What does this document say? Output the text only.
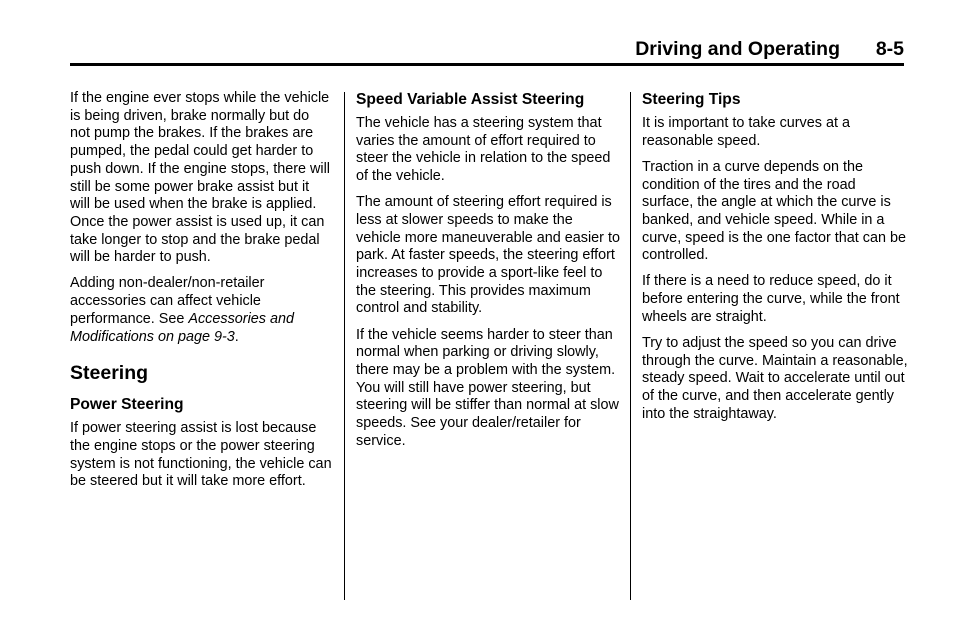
Driving and Operating 8-5

If the engine ever stops while the vehicle is being driven, brake normally but do not pump the brakes. If the brakes are pumped, the pedal could get harder to push down. If the engine stops, there will still be some power brake assist but it will be used when the brake is applied. Once the power assist is used up, it can take longer to stop and the brake pedal will be harder to push.

Adding non-dealer/non-retailer accessories can affect vehicle performance. See Accessories and Modifications on page 9-3.

Steering
Power Steering

If power steering assist is lost because the engine stops or the power steering system is not functioning, the vehicle can be steered but it will take more effort.

Speed Variable Assist Steering

The vehicle has a steering system that varies the amount of effort required to steer the vehicle in relation to the speed of the vehicle.

The amount of steering effort required is less at slower speeds to make the vehicle more maneuverable and easier to park. At faster speeds, the steering effort increases to provide a sport-like feel to the steering. This provides maximum control and stability.

If the vehicle seems harder to steer than normal when parking or driving slowly, there may be a problem with the system. You will still have power steering, but steering will be stiffer than normal at slow speeds. See your dealer/retailer for service.

Steering Tips

It is important to take curves at a reasonable speed.

Traction in a curve depends on the condition of the tires and the road surface, the angle at which the curve is banked, and vehicle speed. While in a curve, speed is the one factor that can be controlled.

If there is a need to reduce speed, do it before entering the curve, while the front wheels are straight.

Try to adjust the speed so you can drive through the curve. Maintain a reasonable, steady speed. Wait to accelerate until out of the curve, and then accelerate gently into the straightaway.
